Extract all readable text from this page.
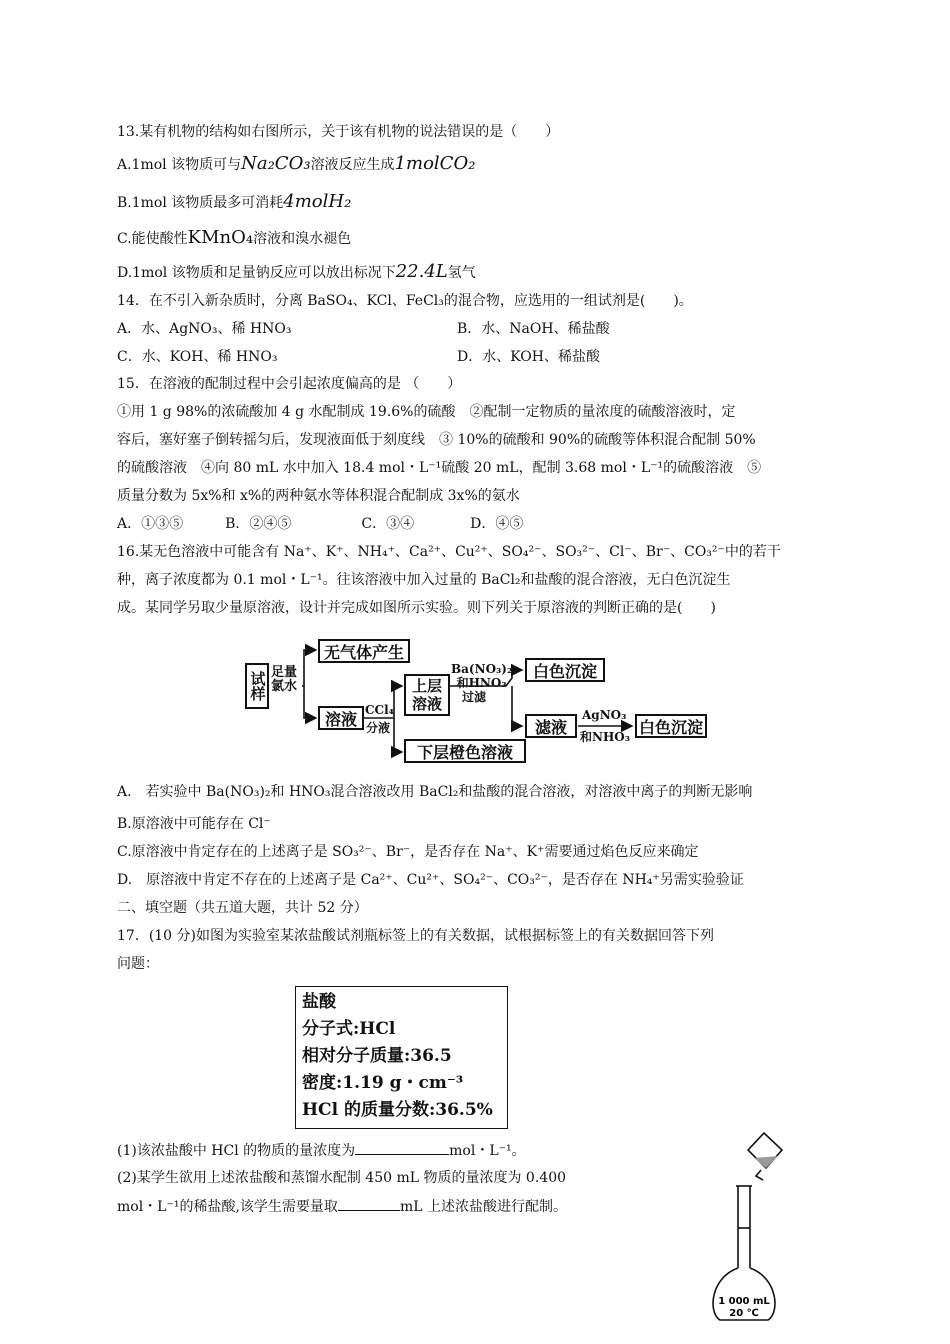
13.某有机物的结构如右图所示，关于该有机物的说法错误的是（　　）
A.1mol 该物质可与Na₂CO₃溶液反应生成1molCO₂
B.1mol 该物质最多可消耗4molH₂
C.能使酸性KMnO₄溶液和溴水褪色
D.1mol 该物质和足量钠反应可以放出标况下22.4L氢气
14．在不引入新杂质时，分离 BaSO₄、KCl、FeCl₃的混合物，应选用的一组试剂是(　　)。
A．水、AgNO₃、稀 HNO₃	B．水、NaOH、稀盐酸
C．水、KOH、稀 HNO₃	D．水、KOH、稀盐酸
15．在溶液的配制过程中会引起浓度偏高的是 （　　）
①用 1 g 98%的浓硫酸加 4 g 水配制成 19.6%的硫酸　②配制一定物质的量浓度的硫酸溶液时，定
容后，塞好塞子倒转摇匀后，发现液面低于刻度线　③ 10%的硫酸和 90%的硫酸等体积混合配制 50%
的硫酸溶液　④向 80 mL 水中加入 18.4 mol・L⁻¹硫酸 20 mL，配制 3.68 mol・L⁻¹的硫酸溶液　⑤
质量分数为 5x%和 x%的两种氨水等体积混合配制成 3x%的氨水
A．①③⑤　　　B．②④⑤　　　　　C．③④　　　　D．④⑤
16.某无色溶液中可能含有 Na⁺、K⁺、NH₄⁺、Ca²⁺、Cu²⁺、SO₄²⁻、SO₃²⁻、Cl⁻、Br⁻、CO₃²⁻中的若干
种，离子浓度都为 0.1 mol・L⁻¹。往该溶液中加入过量的 BaCl₂和盐酸的混合溶液，无白色沉淀生
成。某同学另取少量原溶液，设计并完成如图所示实验。则下列关于原溶液的判断正确的是(　　)
试样 足量
氯水
无气体产生
溶液 CCl₄
分液
上层溶液
下层橙色溶液
Ba(NO₃)₂
和HNO₃
过滤
白色沉淀
滤液
AgNO₃
和NHO₃
白色沉淀
A.　若实验中 Ba(NO₃)₂和 HNO₃混合溶液改用 BaCl₂和盐酸的混合溶液，对溶液中离子的判断无影响
B.原溶液中可能存在 Cl⁻
C.原溶液中肯定存在的上述离子是 SO₃²⁻、Br⁻，是否存在 Na⁺、K⁺需要通过焰色反应来确定
D.　原溶液中肯定不存在的上述离子是 Ca²⁺、Cu²⁺、SO₄²⁻、CO₃²⁻，是否存在 NH₄⁺另需实验验证
二、填空题（共五道大题，共计 52 分）
17．(10 分)如图为实验室某浓盐酸试剂瓶标签上的有关数据，试根据标签上的有关数据回答下列
问题：
盐酸
分子式:HCl
相对分子质量:36.5
密度:1.19 g・cm⁻³
HCl 的质量分数:36.5%
(1)该浓盐酸中 HCl 的物质的量浓度为	mol・L⁻¹。
(2)某学生欲用上述浓盐酸和蒸馏水配制 450 mL 物质的量浓度为 0.400
mol・L⁻¹的稀盐酸,该学生需要量取	mL 上述浓盐酸进行配制。
1 000 mL
20 ℃
